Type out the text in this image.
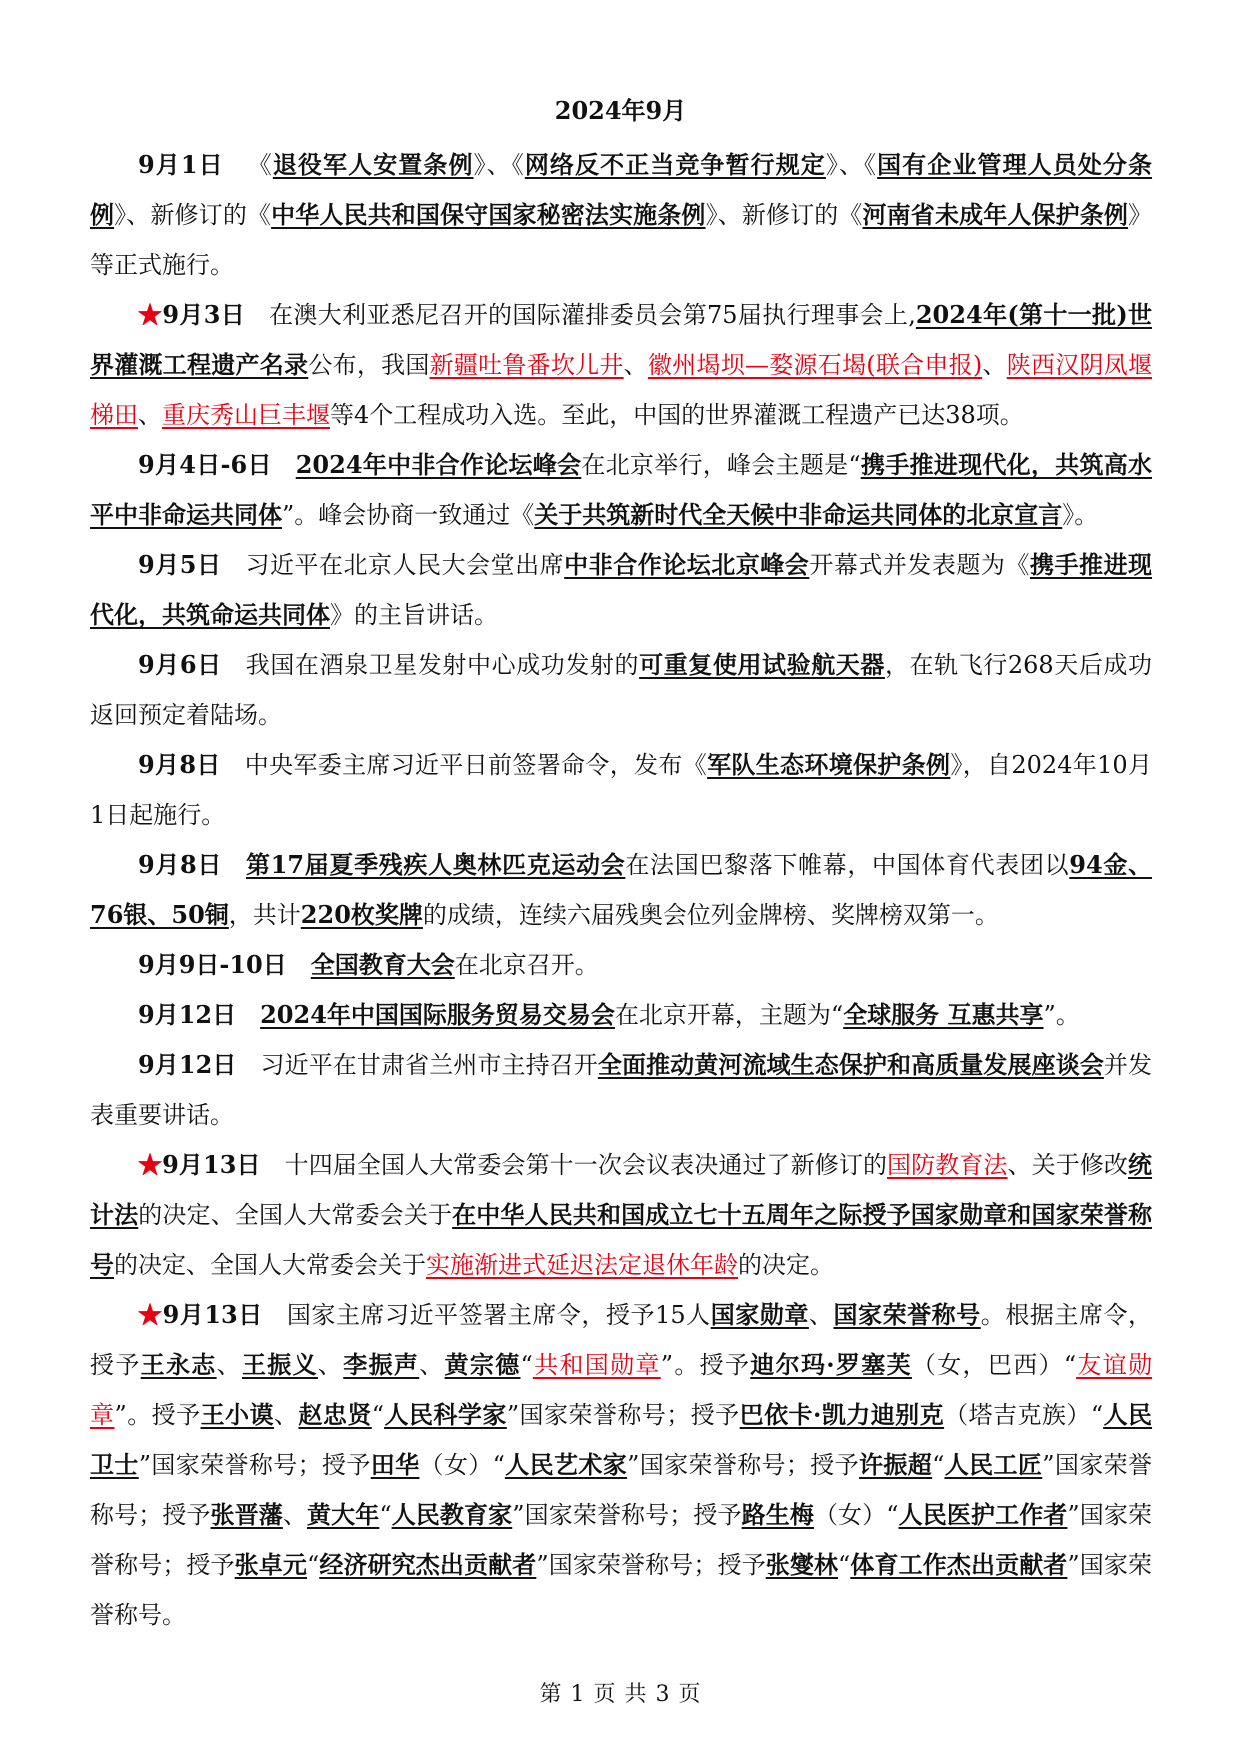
2024年9月

9月1日 《退役军人安置条例》、《网络反不正当竞争暂行规定》、《国有企业管理人员处分条例》、新修订的《中华人民共和国保守国家秘密法实施条例》、新修订的《河南省未成年人保护条例》等正式施行。

★9月3日 在澳大利亚悉尼召开的国际灌排委员会第75届执行理事会上,2024年(第十一批)世界灌溉工程遗产名录公布，我国新疆吐鲁番坎儿井、徽州堨坝—婺源石堨(联合申报)、陕西汉阴凤堰梯田、重庆秀山巨丰堰等4个工程成功入选。至此，中国的世界灌溉工程遗产已达38项。

9月4日-6日 2024年中非合作论坛峰会在北京举行，峰会主题是“携手推进现代化，共筑高水平中非命运共同体”。峰会协商一致通过《关于共筑新时代全天候中非命运共同体的北京宣言》。

9月5日 习近平在北京人民大会堂出席中非合作论坛北京峰会开幕式并发表题为《携手推进现代化，共筑命运共同体》的主旨讲话。

9月6日 我国在酒泉卫星发射中心成功发射的可重复使用试验航天器，在轨飞行268天后成功返回预定着陆场。

9月8日 中央军委主席习近平日前签署命令，发布《军队生态环境保护条例》，自2024年10月1日起施行。

9月8日 第17届夏季残疾人奥林匹克运动会在法国巴黎落下帷幕，中国体育代表团以94金、76银、50铜，共计220枚奖牌的成绩，连续六届残奥会位列金牌榜、奖牌榜双第一。

9月9日-10日 全国教育大会在北京召开。

9月12日 2024年中国国际服务贸易交易会在北京开幕，主题为“全球服务 互惠共享”。

9月12日 习近平在甘肃省兰州市主持召开全面推动黄河流域生态保护和高质量发展座谈会并发表重要讲话。

★9月13日 十四届全国人大常委会第十一次会议表决通过了新修订的国防教育法、关于修改统计法的决定、全国人大常委会关于在中华人民共和国成立七十五周年之际授予国家勋章和国家荣誉称号的决定、全国人大常委会关于实施渐进式延迟法定退休年龄的决定。

★9月13日 国家主席习近平签署主席令，授予15人国家勋章、国家荣誉称号。根据主席令，授予王永志、王振义、李振声、黄宗德“共和国勋章”。授予迪尔玛·罗塞芙（女，巴西）“友谊勋章”。授予王小谟、赵忠贤“人民科学家”国家荣誉称号；授予巴依卡·凯力迪别克（塔吉克族）“人民卫士”国家荣誉称号；授予田华（女）“人民艺术家”国家荣誉称号；授予许振超“人民工匠”国家荣誉称号；授予张晋藩、黄大年“人民教育家”国家荣誉称号；授予路生梅（女）“人民医护工作者”国家荣誉称号；授予张卓元“经济研究杰出贡献者”国家荣誉称号；授予张燮林“体育工作杰出贡献者”国家荣誉称号。

第 1 页 共 3 页
